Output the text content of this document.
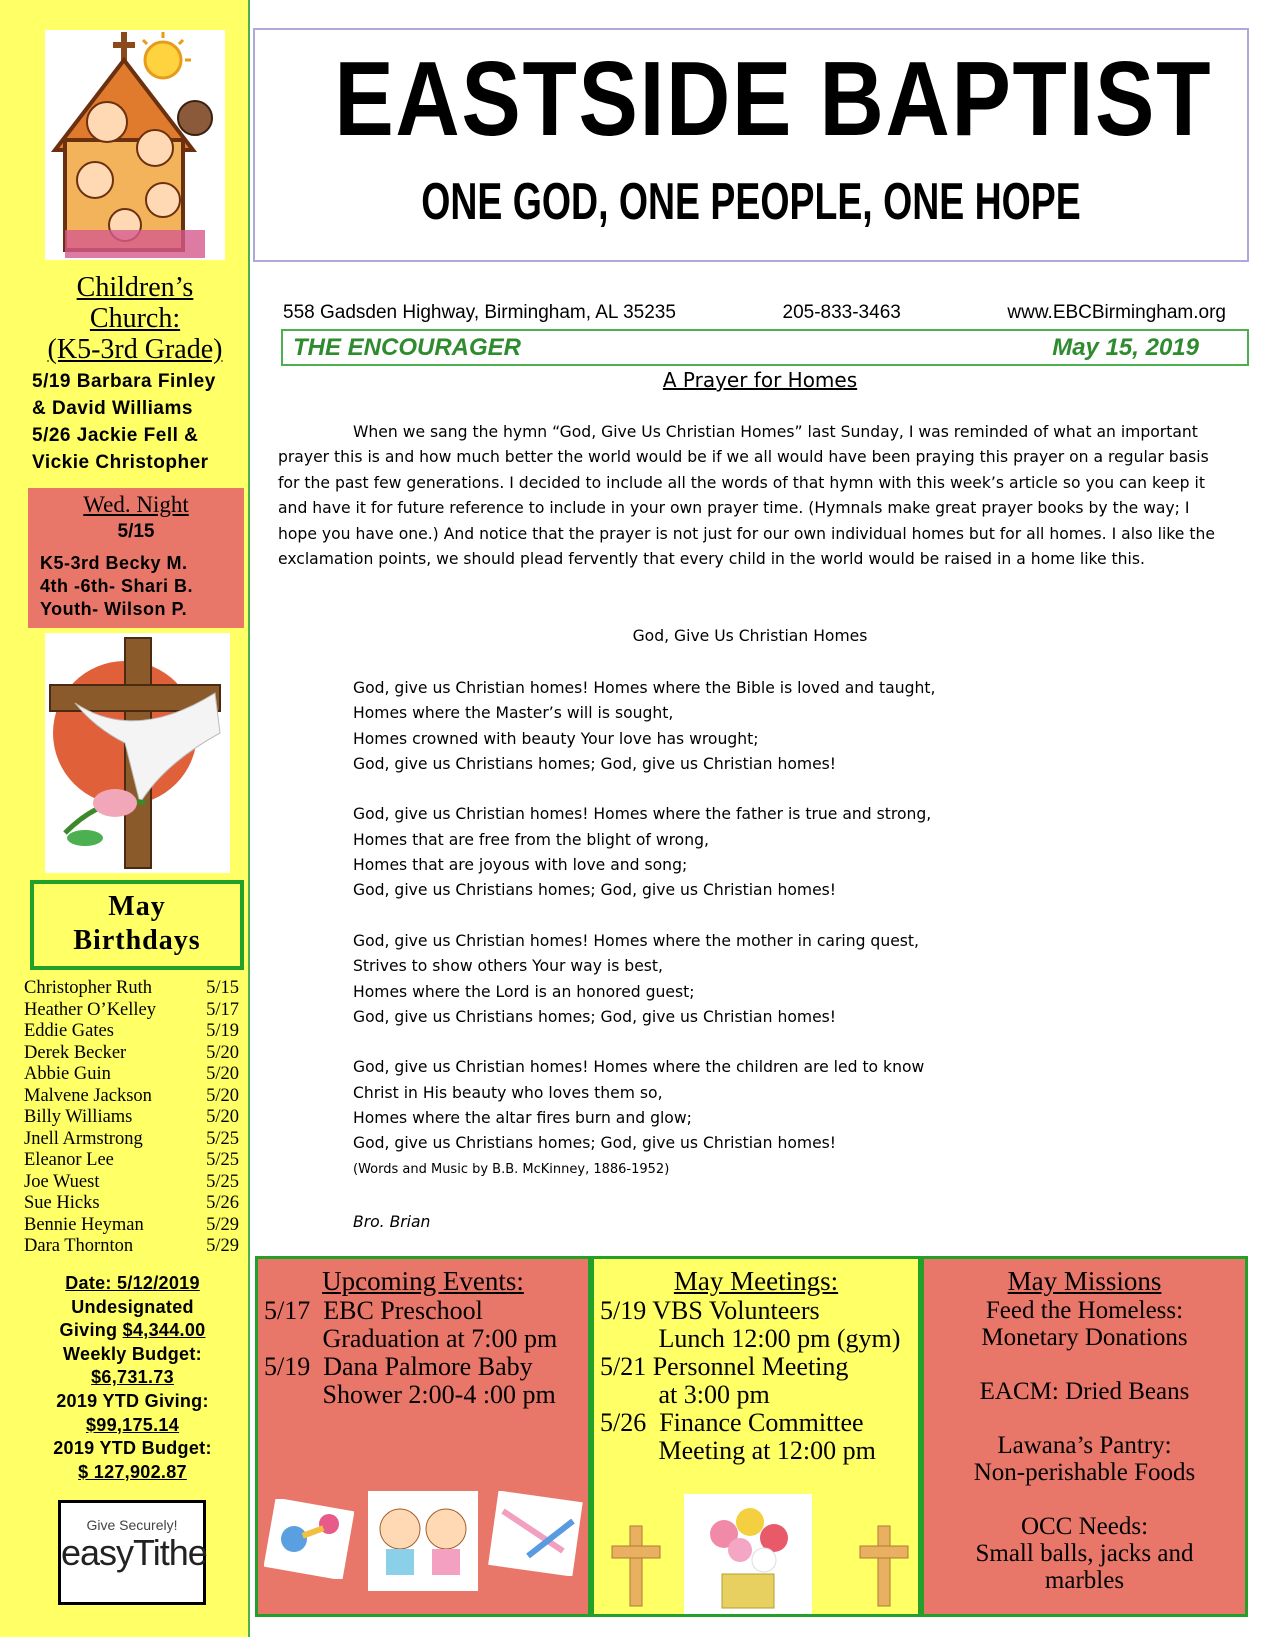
Children’s
Church:
(K5-3rd Grade)
5/19 Barbara Finley
& David Williams
5/26 Jackie Fell &
Vickie Christopher
Wed. Night
5/15
K5-3rd Becky M.
4th -6th- Shari B.
Youth- Wilson P.
May
Birthdays
Christopher Ruth	5/15
Heather O’Kelley	5/17
Eddie Gates	5/19
Derek Becker	5/20
Abbie Guin	5/20
Malvene Jackson	5/20
Billy Williams	5/20
Jnell Armstrong	5/25
Eleanor Lee	5/25
Joe Wuest	5/25
Sue Hicks	5/26
Bennie Heyman	5/29
Dara Thornton	5/29
Date: 5/12/2019
Undesignated
Giving $4,344.00
Weekly Budget:
$6,731.73
2019 YTD Giving:
$99,175.14
2019 YTD Budget:
$ 127,902.87
Give Securely!
easyTithe
EASTSIDE BAPTIST
ONE GOD, ONE PEOPLE, ONE HOPE
558 Gadsden Highway, Birmingham, AL 35235	205-833-3463	www.EBCBirmingham.org
THE ENCOURAGER	May 15, 2019
A Prayer for Homes
When we sang the hymn “God, Give Us Christian Homes” last Sunday, I was reminded of what an important prayer this is and how much better the world would be if we all would have been praying this prayer on a regular basis for the past few generations. I decided to include all the words of that hymn with this week’s article so you can keep it and have it for future reference to include in your own prayer time. (Hymnals make great prayer books by the way; I hope you have one.) And notice that the prayer is not just for our own individual homes but for all homes. I also like the exclamation points, we should plead fervently that every child in the world would be raised in a home like this.
God, Give Us Christian Homes
God, give us Christian homes! Homes where the Bible is loved and taught,
Homes where the Master’s will is sought,
Homes crowned with beauty Your love has wrought;
God, give us Christians homes; God, give us Christian homes!
God, give us Christian homes! Homes where the father is true and strong,
Homes that are free from the blight of wrong,
Homes that are joyous with love and song;
God, give us Christians homes; God, give us Christian homes!
God, give us Christian homes! Homes where the mother in caring quest,
Strives to show others Your way is best,
Homes where the Lord is an honored guest;
God, give us Christians homes; God, give us Christian homes!
God, give us Christian homes! Homes where the children are led to know
Christ in His beauty who loves them so,
Homes where the altar fires burn and glow;
God, give us Christians homes; God, give us Christian homes!
(Words and Music by B.B. McKinney, 1886-1952)
Bro. Brian
Upcoming Events:
5/17  EBC Preschool
Graduation at 7:00 pm
5/19  Dana Palmore Baby
Shower 2:00-4 :00 pm
May Meetings:
5/19 VBS Volunteers
Lunch 12:00 pm (gym)
5/21 Personnel Meeting
at 3:00 pm
5/26  Finance Committee
Meeting at 12:00 pm
May Missions
Feed the Homeless:
Monetary Donations
EACM: Dried Beans
Lawana’s Pantry:
Non-perishable Foods
OCC Needs:
Small balls, jacks and
marbles
